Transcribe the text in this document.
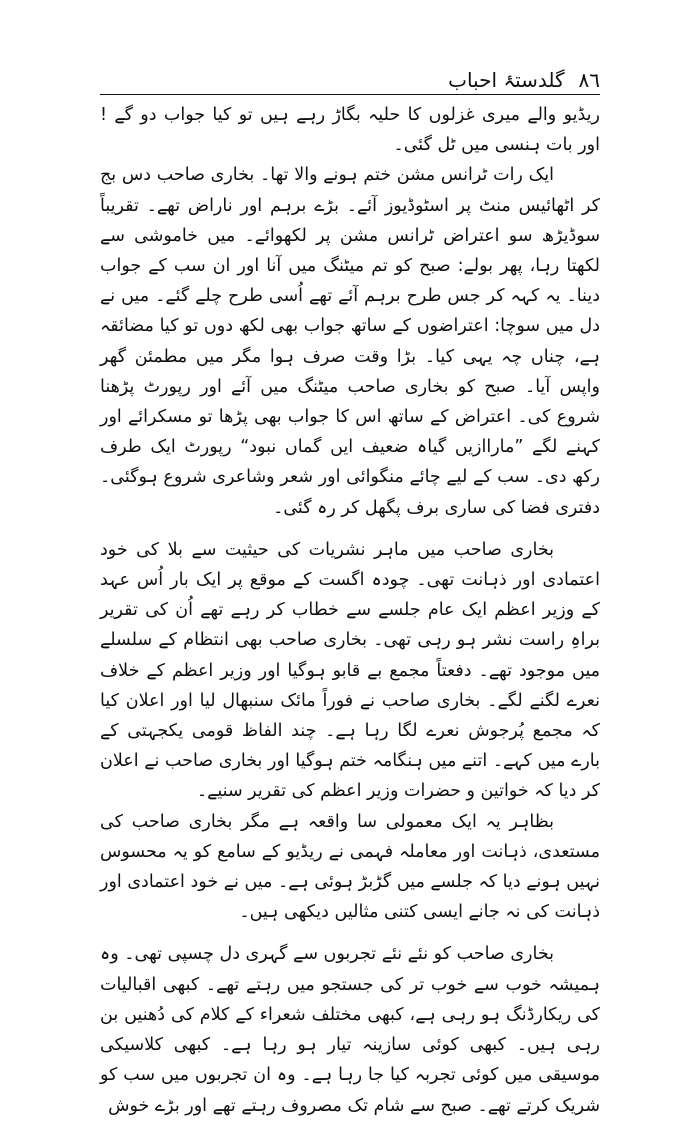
۸٦
گلدستۂ احباب

ریڈیو والے میری غزلوں کا حلیہ بگاڑ رہے ہیں تو کیا جواب دو گے ! اور بات ہنسی میں ٹل گئی۔

ایک رات ٹرانس مشن ختم ہونے والا تھا۔ بخاری صاحب دس بج کر اٹھائیس منٹ پر اسٹوڈیوز آئے۔ بڑے برہم اور ناراض تھے۔ تقریباً سوڈیڑھ سو اعتراض ٹرانس مشن پر لکھوائے۔ میں خاموشی سے لکھتا رہا، پھر بولے: صبح کو تم میٹنگ میں آنا اور ان سب کے جواب دینا۔ یہ کہہ کر جس طرح برہم آئے تھے اُسی طرح چلے گئے۔ میں نے دل میں سوچا: اعتراضوں کے ساتھ جواب بھی لکھ دوں تو کیا مضائقہ ہے، چناں چہ یہی کیا۔ بڑا وقت صرف ہوا مگر میں مطمئن گھر واپس آیا۔ صبح کو بخاری صاحب میٹنگ میں آئے اور رپورٹ پڑھنا شروع کی۔ اعتراض کے ساتھ اس کا جواب بھی پڑھا تو مسکرائے اور کہنے لگے ”ماراازیں گیاہ ضعیف ایں گماں نبود“ رپورٹ ایک طرف رکھ دی۔ سب کے لیے چائے منگوائی اور شعر وشاعری شروع ہوگئی۔ دفتری فضا کی ساری برف پگھل کر رہ گئی۔

بخاری صاحب میں ماہر نشریات کی حیثیت سے بلا کی خود اعتمادی اور ذہانت تھی۔ چودہ اگست کے موقع پر ایک بار اُس عہد کے وزیر اعظم ایک عام جلسے سے خطاب کر رہے تھے اُن کی تقریر براہِ راست نشر ہو رہی تھی۔ بخاری صاحب بھی انتظام کے سلسلے میں موجود تھے۔ دفعتاً مجمع بے قابو ہوگیا اور وزیر اعظم کے خلاف نعرے لگنے لگے۔ بخاری صاحب نے فوراً مائک سنبھال لیا اور اعلان کیا کہ مجمع پُرجوش نعرے لگا رہا ہے۔ چند الفاظ قومی یکجہتی کے بارے میں کہے۔ اتنے میں ہنگامہ ختم ہوگیا اور بخاری صاحب نے اعلان کر دیا کہ خواتین و حضرات وزیر اعظم کی تقریر سنیے۔

بظاہر یہ ایک معمولی سا واقعہ ہے مگر بخاری صاحب کی مستعدی، ذہانت اور معاملہ فہمی نے ریڈیو کے سامع کو یہ محسوس نہیں ہونے دیا کہ جلسے میں گڑبڑ ہوئی ہے۔ میں نے خود اعتمادی اور ذہانت کی نہ جانے ایسی کتنی مثالیں دیکھی ہیں۔

بخاری صاحب کو نئے نئے تجربوں سے گہری دل چسپی تھی۔ وہ ہمیشہ خوب سے خوب تر کی جستجو میں رہتے تھے۔ کبھی اقبالیات کی ریکارڈنگ ہو رہی ہے، کبھی مختلف شعراء کے کلام کی دُھنیں بن رہی ہیں۔ کبھی کوئی سازینہ تیار ہو رہا ہے۔ کبھی کلاسیکی موسیقی میں کوئی تجربہ کیا جا رہا ہے۔ وہ ان تجربوں میں سب کو شریک کرتے تھے۔ صبح سے شام تک مصروف رہتے تھے اور بڑے خوش
